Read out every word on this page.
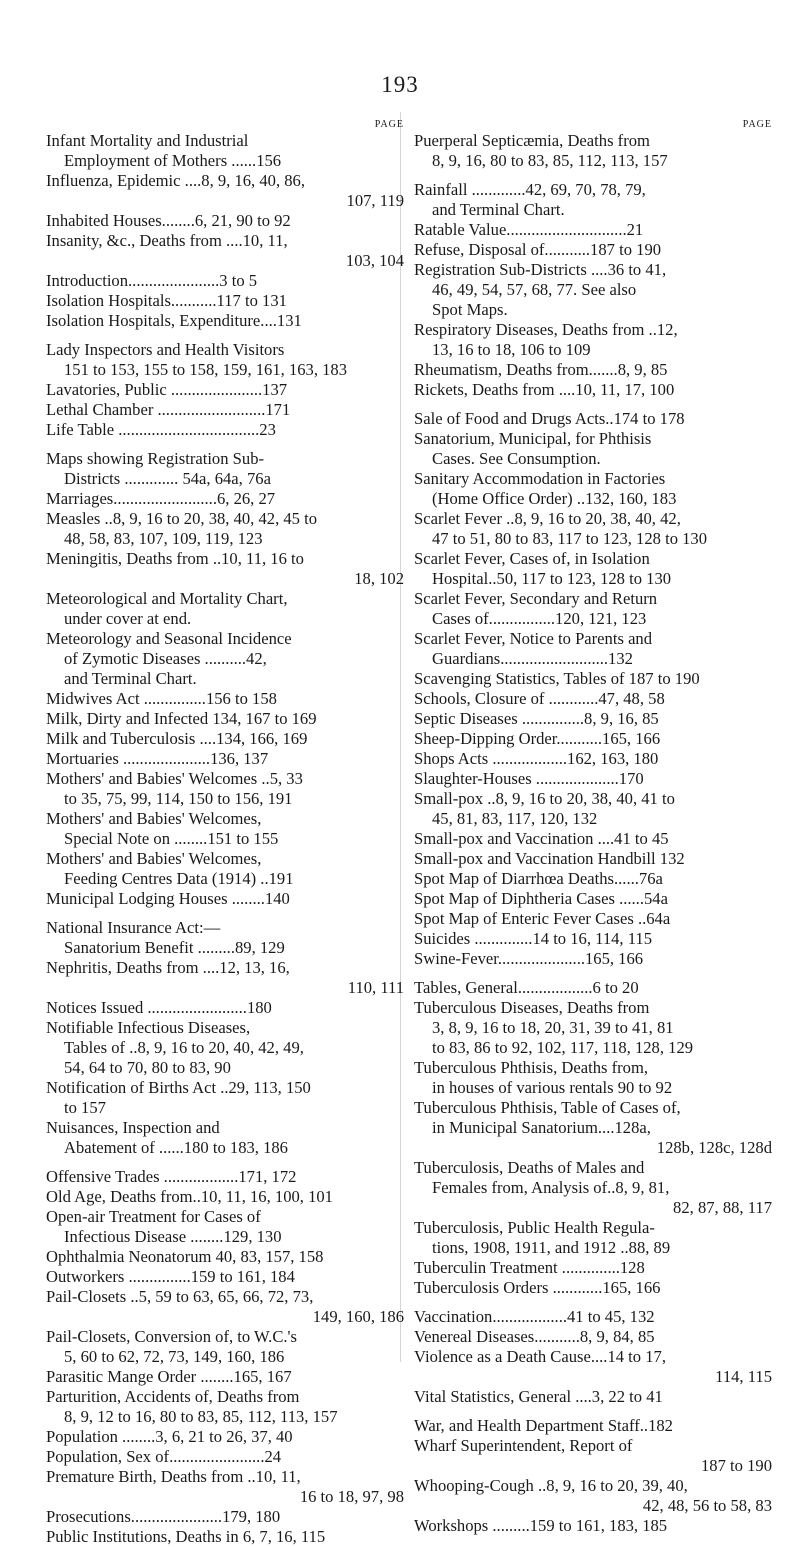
193
PAGE
Infant Mortality and Industrial
Employment of Mothers ......156
Influenza, Epidemic ....8, 9, 16, 40, 86,
107, 119
Inhabited Houses........6, 21, 90 to 92
Insanity, &c., Deaths from ....10, 11,
103, 104
Introduction......................3 to 5
Isolation Hospitals...........117 to 131
Isolation Hospitals, Expenditure....131
Lady Inspectors and Health Visitors
151 to 153, 155 to 158, 159, 161, 163, 183
Lavatories, Public ......................137
Lethal Chamber ..........................171
Life Table ..................................23
Maps showing Registration Sub-
Districts ............. 54a, 64a, 76a
Marriages.........................6, 26, 27
Measles ..8, 9, 16 to 20, 38, 40, 42, 45 to
48, 58, 83, 107, 109, 119, 123
Meningitis, Deaths from ..10, 11, 16 to
18, 102
Meteorological and Mortality Chart,
under cover at end.
Meteorology and Seasonal Incidence
of Zymotic Diseases ..........42,
and Terminal Chart.
Midwives Act ...............156 to 158
Milk, Dirty and Infected 134, 167 to 169
Milk and Tuberculosis ....134, 166, 169
Mortuaries .....................136, 137
Mothers' and Babies' Welcomes ..5, 33
to 35, 75, 99, 114, 150 to 156, 191
Mothers' and Babies' Welcomes,
Special Note on ........151 to 155
Mothers' and Babies' Welcomes,
Feeding Centres Data (1914) ..191
Municipal Lodging Houses ........140
National Insurance Act:—
Sanatorium Benefit .........89, 129
Nephritis, Deaths from ....12, 13, 16,
110, 111
Notices Issued ........................180
Notifiable Infectious Diseases,
Tables of ..8, 9, 16 to 20, 40, 42, 49,
54, 64 to 70, 80 to 83, 90
Notification of Births Act ..29, 113, 150
to 157
Nuisances, Inspection and
Abatement of ......180 to 183, 186
Offensive Trades ..................171, 172
Old Age, Deaths from..10, 11, 16, 100, 101
Open-air Treatment for Cases of
Infectious Disease ........129, 130
Ophthalmia Neonatorum 40, 83, 157, 158
Outworkers ...............159 to 161, 184
Pail-Closets ..5, 59 to 63, 65, 66, 72, 73,
149, 160, 186
Pail-Closets, Conversion of, to W.C.'s
5, 60 to 62, 72, 73, 149, 160, 186
Parasitic Mange Order ........165, 167
Parturition, Accidents of, Deaths from
8, 9, 12 to 16, 80 to 83, 85, 112, 113, 157
Population ........3, 6, 21 to 26, 37, 40
Population, Sex of.......................24
Premature Birth, Deaths from ..10, 11,
16 to 18, 97, 98
Prosecutions......................179, 180
Public Institutions, Deaths in 6, 7, 16, 115
PAGE
Puerperal Septicæmia, Deaths from
8, 9, 16, 80 to 83, 85, 112, 113, 157
Rainfall .............42, 69, 70, 78, 79,
and Terminal Chart.
Ratable Value.............................21
Refuse, Disposal of...........187 to 190
Registration Sub-Districts ....36 to 41,
46, 49, 54, 57, 68, 77. See also
Spot Maps.
Respiratory Diseases, Deaths from ..12,
13, 16 to 18, 106 to 109
Rheumatism, Deaths from.......8, 9, 85
Rickets, Deaths from ....10, 11, 17, 100
Sale of Food and Drugs Acts..174 to 178
Sanatorium, Municipal, for Phthisis
Cases. See Consumption.
Sanitary Accommodation in Factories
(Home Office Order) ..132, 160, 183
Scarlet Fever ..8, 9, 16 to 20, 38, 40, 42,
47 to 51, 80 to 83, 117 to 123, 128 to 130
Scarlet Fever, Cases of, in Isolation
Hospital..50, 117 to 123, 128 to 130
Scarlet Fever, Secondary and Return
Cases of................120, 121, 123
Scarlet Fever, Notice to Parents and
Guardians..........................132
Scavenging Statistics, Tables of 187 to 190
Schools, Closure of ............47, 48, 58
Septic Diseases ...............8, 9, 16, 85
Sheep-Dipping Order...........165, 166
Shops Acts ..................162, 163, 180
Slaughter-Houses ....................170
Small-pox ..8, 9, 16 to 20, 38, 40, 41 to
45, 81, 83, 117, 120, 132
Small-pox and Vaccination ....41 to 45
Small-pox and Vaccination Handbill 132
Spot Map of Diarrhœa Deaths......76a
Spot Map of Diphtheria Cases ......54a
Spot Map of Enteric Fever Cases ..64a
Suicides ..............14 to 16, 114, 115
Swine-Fever.....................165, 166
Tables, General..................6 to 20
Tuberculous Diseases, Deaths from
3, 8, 9, 16 to 18, 20, 31, 39 to 41, 81
to 83, 86 to 92, 102, 117, 118, 128, 129
Tuberculous Phthisis, Deaths from,
in houses of various rentals 90 to 92
Tuberculous Phthisis, Table of Cases of,
in Municipal Sanatorium....128a,
128b, 128c, 128d
Tuberculosis, Deaths of Males and
Females from, Analysis of..8, 9, 81,
82, 87, 88, 117
Tuberculosis, Public Health Regula-
tions, 1908, 1911, and 1912 ..88, 89
Tuberculin Treatment ..............128
Tuberculosis Orders ............165, 166
Vaccination..................41 to 45, 132
Venereal Diseases...........8, 9, 84, 85
Violence as a Death Cause....14 to 17,
114, 115
Vital Statistics, General ....3, 22 to 41
War, and Health Department Staff..182
Wharf Superintendent, Report of
187 to 190
Whooping-Cough ..8, 9, 16 to 20, 39, 40,
42, 48, 56 to 58, 83
Workshops .........159 to 161, 183, 185
